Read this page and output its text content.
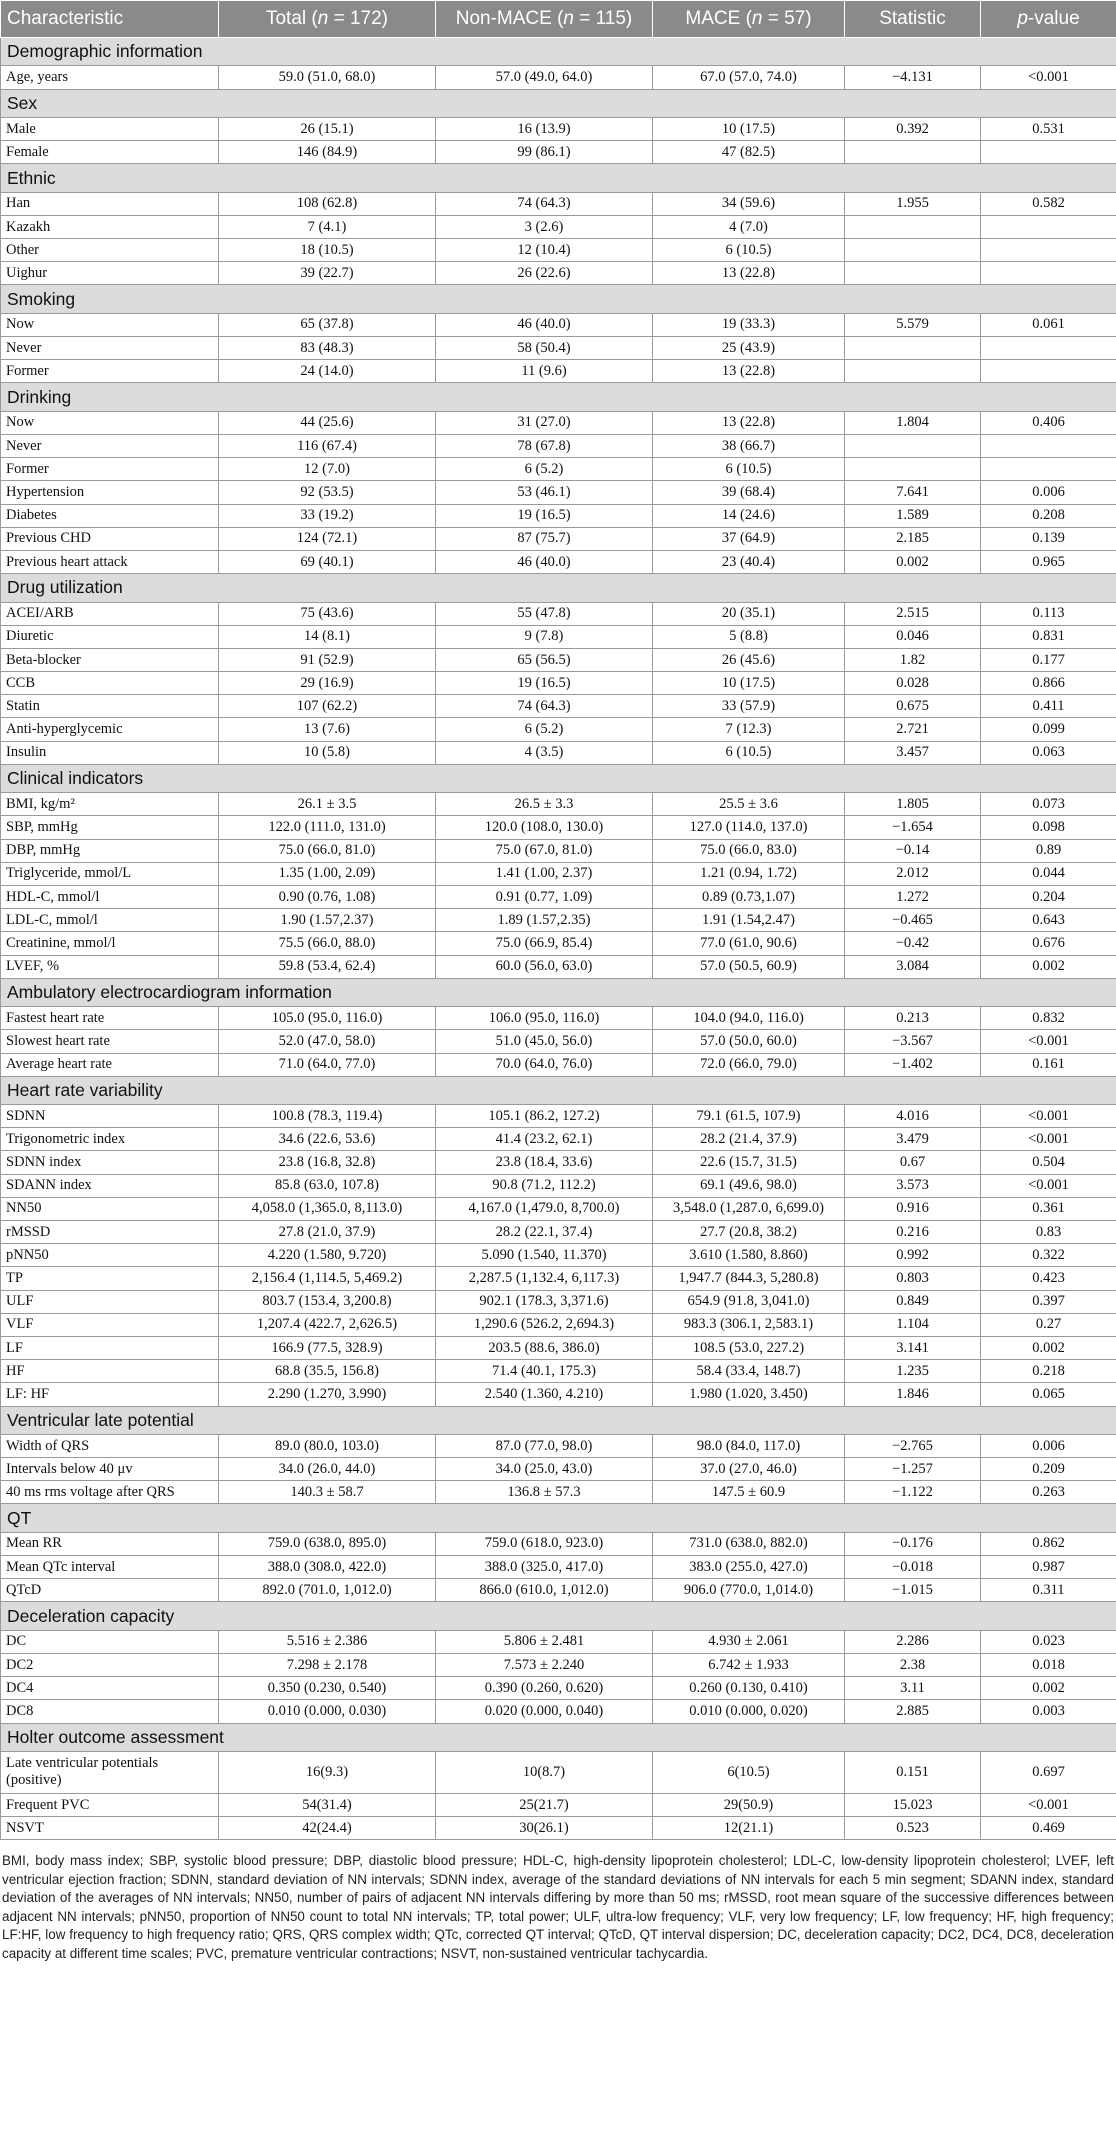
Characteristic	Total (n = 172)	Non-MACE (n = 115)	MACE (n = 57)	Statistic	p-value
Demographic information					
Age, years	59.0 (51.0, 68.0)	57.0 (49.0, 64.0)	67.0 (57.0, 74.0)	−4.131	<0.001
Sex					
Male	26 (15.1)	16 (13.9)	10 (17.5)	0.392	0.531
Female	146 (84.9)	99 (86.1)	47 (82.5)		
Ethnic					
Han	108 (62.8)	74 (64.3)	34 (59.6)	1.955	0.582
Kazakh	7 (4.1)	3 (2.6)	4 (7.0)		
Other	18 (10.5)	12 (10.4)	6 (10.5)		
Uighur	39 (22.7)	26 (22.6)	13 (22.8)		
Smoking					
Now	65 (37.8)	46 (40.0)	19 (33.3)	5.579	0.061
Never	83 (48.3)	58 (50.4)	25 (43.9)		
Former	24 (14.0)	11 (9.6)	13 (22.8)		
Drinking					
Now	44 (25.6)	31 (27.0)	13 (22.8)	1.804	0.406
Never	116 (67.4)	78 (67.8)	38 (66.7)		
Former	12 (7.0)	6 (5.2)	6 (10.5)		
Hypertension	92 (53.5)	53 (46.1)	39 (68.4)	7.641	0.006
Diabetes	33 (19.2)	19 (16.5)	14 (24.6)	1.589	0.208
Previous CHD	124 (72.1)	87 (75.7)	37 (64.9)	2.185	0.139
Previous heart attack	69 (40.1)	46 (40.0)	23 (40.4)	0.002	0.965
Drug utilization					
ACEI/ARB	75 (43.6)	55 (47.8)	20 (35.1)	2.515	0.113
Diuretic	14 (8.1)	9 (7.8)	5 (8.8)	0.046	0.831
Beta-blocker	91 (52.9)	65 (56.5)	26 (45.6)	1.82	0.177
CCB	29 (16.9)	19 (16.5)	10 (17.5)	0.028	0.866
Statin	107 (62.2)	74 (64.3)	33 (57.9)	0.675	0.411
Anti-hyperglycemic	13 (7.6)	6 (5.2)	7 (12.3)	2.721	0.099
Insulin	10 (5.8)	4 (3.5)	6 (10.5)	3.457	0.063
Clinical indicators					
BMI, kg/m²	26.1 ± 3.5	26.5 ± 3.3	25.5 ± 3.6	1.805	0.073
SBP, mmHg	122.0 (111.0, 131.0)	120.0 (108.0, 130.0)	127.0 (114.0, 137.0)	−1.654	0.098
DBP, mmHg	75.0 (66.0, 81.0)	75.0 (67.0, 81.0)	75.0 (66.0, 83.0)	−0.14	0.89
Triglyceride, mmol/L	1.35 (1.00, 2.09)	1.41 (1.00, 2.37)	1.21 (0.94, 1.72)	2.012	0.044
HDL-C, mmol/l	0.90 (0.76, 1.08)	0.91 (0.77, 1.09)	0.89 (0.73,1.07)	1.272	0.204
LDL-C, mmol/l	1.90 (1.57,2.37)	1.89 (1.57,2.35)	1.91 (1.54,2.47)	−0.465	0.643
Creatinine, mmol/l	75.5 (66.0, 88.0)	75.0 (66.9, 85.4)	77.0 (61.0, 90.6)	−0.42	0.676
LVEF, %	59.8 (53.4, 62.4)	60.0 (56.0, 63.0)	57.0 (50.5, 60.9)	3.084	0.002
Ambulatory electrocardiogram information					
Fastest heart rate	105.0 (95.0, 116.0)	106.0 (95.0, 116.0)	104.0 (94.0, 116.0)	0.213	0.832
Slowest heart rate	52.0 (47.0, 58.0)	51.0 (45.0, 56.0)	57.0 (50.0, 60.0)	−3.567	<0.001
Average heart rate	71.0 (64.0, 77.0)	70.0 (64.0, 76.0)	72.0 (66.0, 79.0)	−1.402	0.161
Heart rate variability					
SDNN	100.8 (78.3, 119.4)	105.1 (86.2, 127.2)	79.1 (61.5, 107.9)	4.016	<0.001
Trigonometric index	34.6 (22.6, 53.6)	41.4 (23.2, 62.1)	28.2 (21.4, 37.9)	3.479	<0.001
SDNN index	23.8 (16.8, 32.8)	23.8 (18.4, 33.6)	22.6 (15.7, 31.5)	0.67	0.504
SDANN index	85.8 (63.0, 107.8)	90.8 (71.2, 112.2)	69.1 (49.6, 98.0)	3.573	<0.001
NN50	4,058.0 (1,365.0, 8,113.0)	4,167.0 (1,479.0, 8,700.0)	3,548.0 (1,287.0, 6,699.0)	0.916	0.361
rMSSD	27.8 (21.0, 37.9)	28.2 (22.1, 37.4)	27.7 (20.8, 38.2)	0.216	0.83
pNN50	4.220 (1.580, 9.720)	5.090 (1.540, 11.370)	3.610 (1.580, 8.860)	0.992	0.322
TP	2,156.4 (1,114.5, 5,469.2)	2,287.5 (1,132.4, 6,117.3)	1,947.7 (844.3, 5,280.8)	0.803	0.423
ULF	803.7 (153.4, 3,200.8)	902.1 (178.3, 3,371.6)	654.9 (91.8, 3,041.0)	0.849	0.397
VLF	1,207.4 (422.7, 2,626.5)	1,290.6 (526.2, 2,694.3)	983.3 (306.1, 2,583.1)	1.104	0.27
LF	166.9 (77.5, 328.9)	203.5 (88.6, 386.0)	108.5 (53.0, 227.2)	3.141	0.002
HF	68.8 (35.5, 156.8)	71.4 (40.1, 175.3)	58.4 (33.4, 148.7)	1.235	0.218
LF: HF	2.290 (1.270, 3.990)	2.540 (1.360, 4.210)	1.980 (1.020, 3.450)	1.846	0.065
Ventricular late potential					
Width of QRS	89.0 (80.0, 103.0)	87.0 (77.0, 98.0)	98.0 (84.0, 117.0)	−2.765	0.006
Intervals below 40 μv	34.0 (26.0, 44.0)	34.0 (25.0, 43.0)	37.0 (27.0, 46.0)	−1.257	0.209
40 ms rms voltage after QRS	140.3 ± 58.7	136.8 ± 57.3	147.5 ± 60.9	−1.122	0.263
QT					
Mean RR	759.0 (638.0, 895.0)	759.0 (618.0, 923.0)	731.0 (638.0, 882.0)	−0.176	0.862
Mean QTc interval	388.0 (308.0, 422.0)	388.0 (325.0, 417.0)	383.0 (255.0, 427.0)	−0.018	0.987
QTcD	892.0 (701.0, 1,012.0)	866.0 (610.0, 1,012.0)	906.0 (770.0, 1,014.0)	−1.015	0.311
Deceleration capacity					
DC	5.516 ± 2.386	5.806 ± 2.481	4.930 ± 2.061	2.286	0.023
DC2	7.298 ± 2.178	7.573 ± 2.240	6.742 ± 1.933	2.38	0.018
DC4	0.350 (0.230, 0.540)	0.390 (0.260, 0.620)	0.260 (0.130, 0.410)	3.11	0.002
DC8	0.010 (0.000, 0.030)	0.020 (0.000, 0.040)	0.010 (0.000, 0.020)	2.885	0.003
Holter outcome assessment					
Late ventricular potentials (positive)	16(9.3)	10(8.7)	6(10.5)	0.151	0.697
Frequent PVC	54(31.4)	25(21.7)	29(50.9)	15.023	<0.001
NSVT	42(24.4)	30(26.1)	12(21.1)	0.523	0.469
BMI, body mass index; SBP, systolic blood pressure; DBP, diastolic blood pressure; HDL-C, high-density lipoprotein cholesterol; LDL-C, low-density lipoprotein cholesterol; LVEF, left ventricular ejection fraction; SDNN, standard deviation of NN intervals; SDNN index, average of the standard deviations of NN intervals for each 5 min segment; SDANN index, standard deviation of the averages of NN intervals; NN50, number of pairs of adjacent NN intervals differing by more than 50 ms; rMSSD, root mean square of the successive differences between adjacent NN intervals; pNN50, proportion of NN50 count to total NN intervals; TP, total power; ULF, ultra-low frequency; VLF, very low frequency; LF, low frequency; HF, high frequency; LF:HF, low frequency to high frequency ratio; QRS, QRS complex width; QTc, corrected QT interval; QTcD, QT interval dispersion; DC, deceleration capacity; DC2, DC4, DC8, deceleration capacity at different time scales; PVC, premature ventricular contractions; NSVT, non-sustained ventricular tachycardia.
